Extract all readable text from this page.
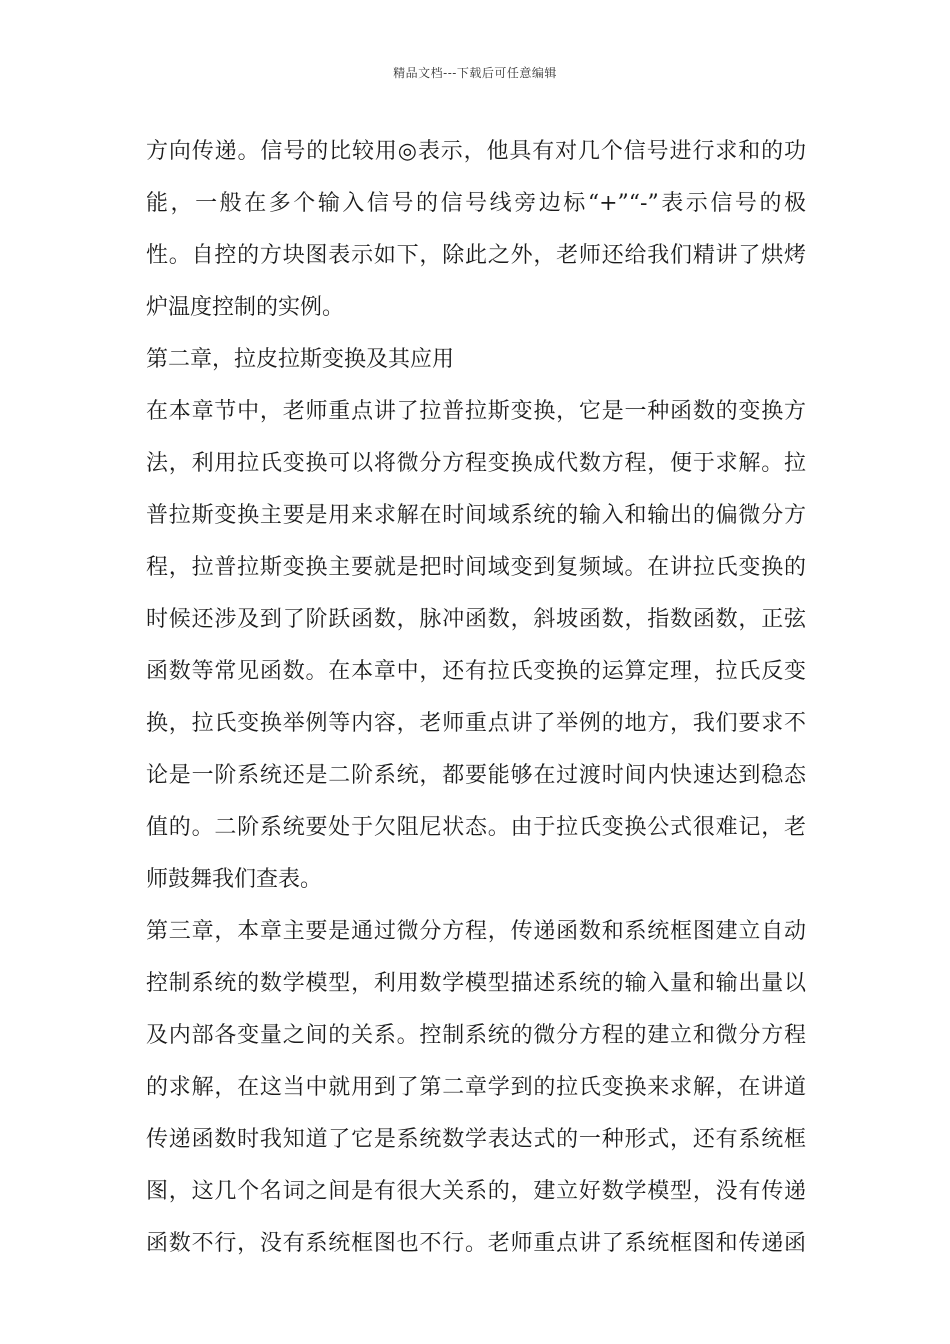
精品文档---下载后可任意编辑
方向传递。信号的比较用◎表示，他具有对几个信号进行求和的功
能，一般在多个输入信号的信号线旁边标“+”“-”表示信号的极
性。自控的方块图表示如下，除此之外，老师还给我们精讲了烘烤
炉温度控制的实例。
第二章，拉皮拉斯变换及其应用
在本章节中，老师重点讲了拉普拉斯变换，它是一种函数的变换方
法，利用拉氏变换可以将微分方程变换成代数方程，便于求解。拉
普拉斯变换主要是用来求解在时间域系统的输入和输出的偏微分方
程，拉普拉斯变换主要就是把时间域变到复频域。在讲拉氏变换的
时候还涉及到了阶跃函数，脉冲函数，斜坡函数，指数函数，正弦
函数等常见函数。在本章中，还有拉氏变换的运算定理，拉氏反变
换，拉氏变换举例等内容，老师重点讲了举例的地方，我们要求不
论是一阶系统还是二阶系统，都要能够在过渡时间内快速达到稳态
值的。二阶系统要处于欠阻尼状态。由于拉氏变换公式很难记，老
师鼓舞我们查表。
第三章，本章主要是通过微分方程，传递函数和系统框图建立自动
控制系统的数学模型，利用数学模型描述系统的输入量和输出量以
及内部各变量之间的关系。控制系统的微分方程的建立和微分方程
的求解，在这当中就用到了第二章学到的拉氏变换来求解，在讲道
传递函数时我知道了它是系统数学表达式的一种形式，还有系统框
图，这几个名词之间是有很大关系的，建立好数学模型，没有传递
函数不行，没有系统框图也不行。老师重点讲了系统框图和传递函
